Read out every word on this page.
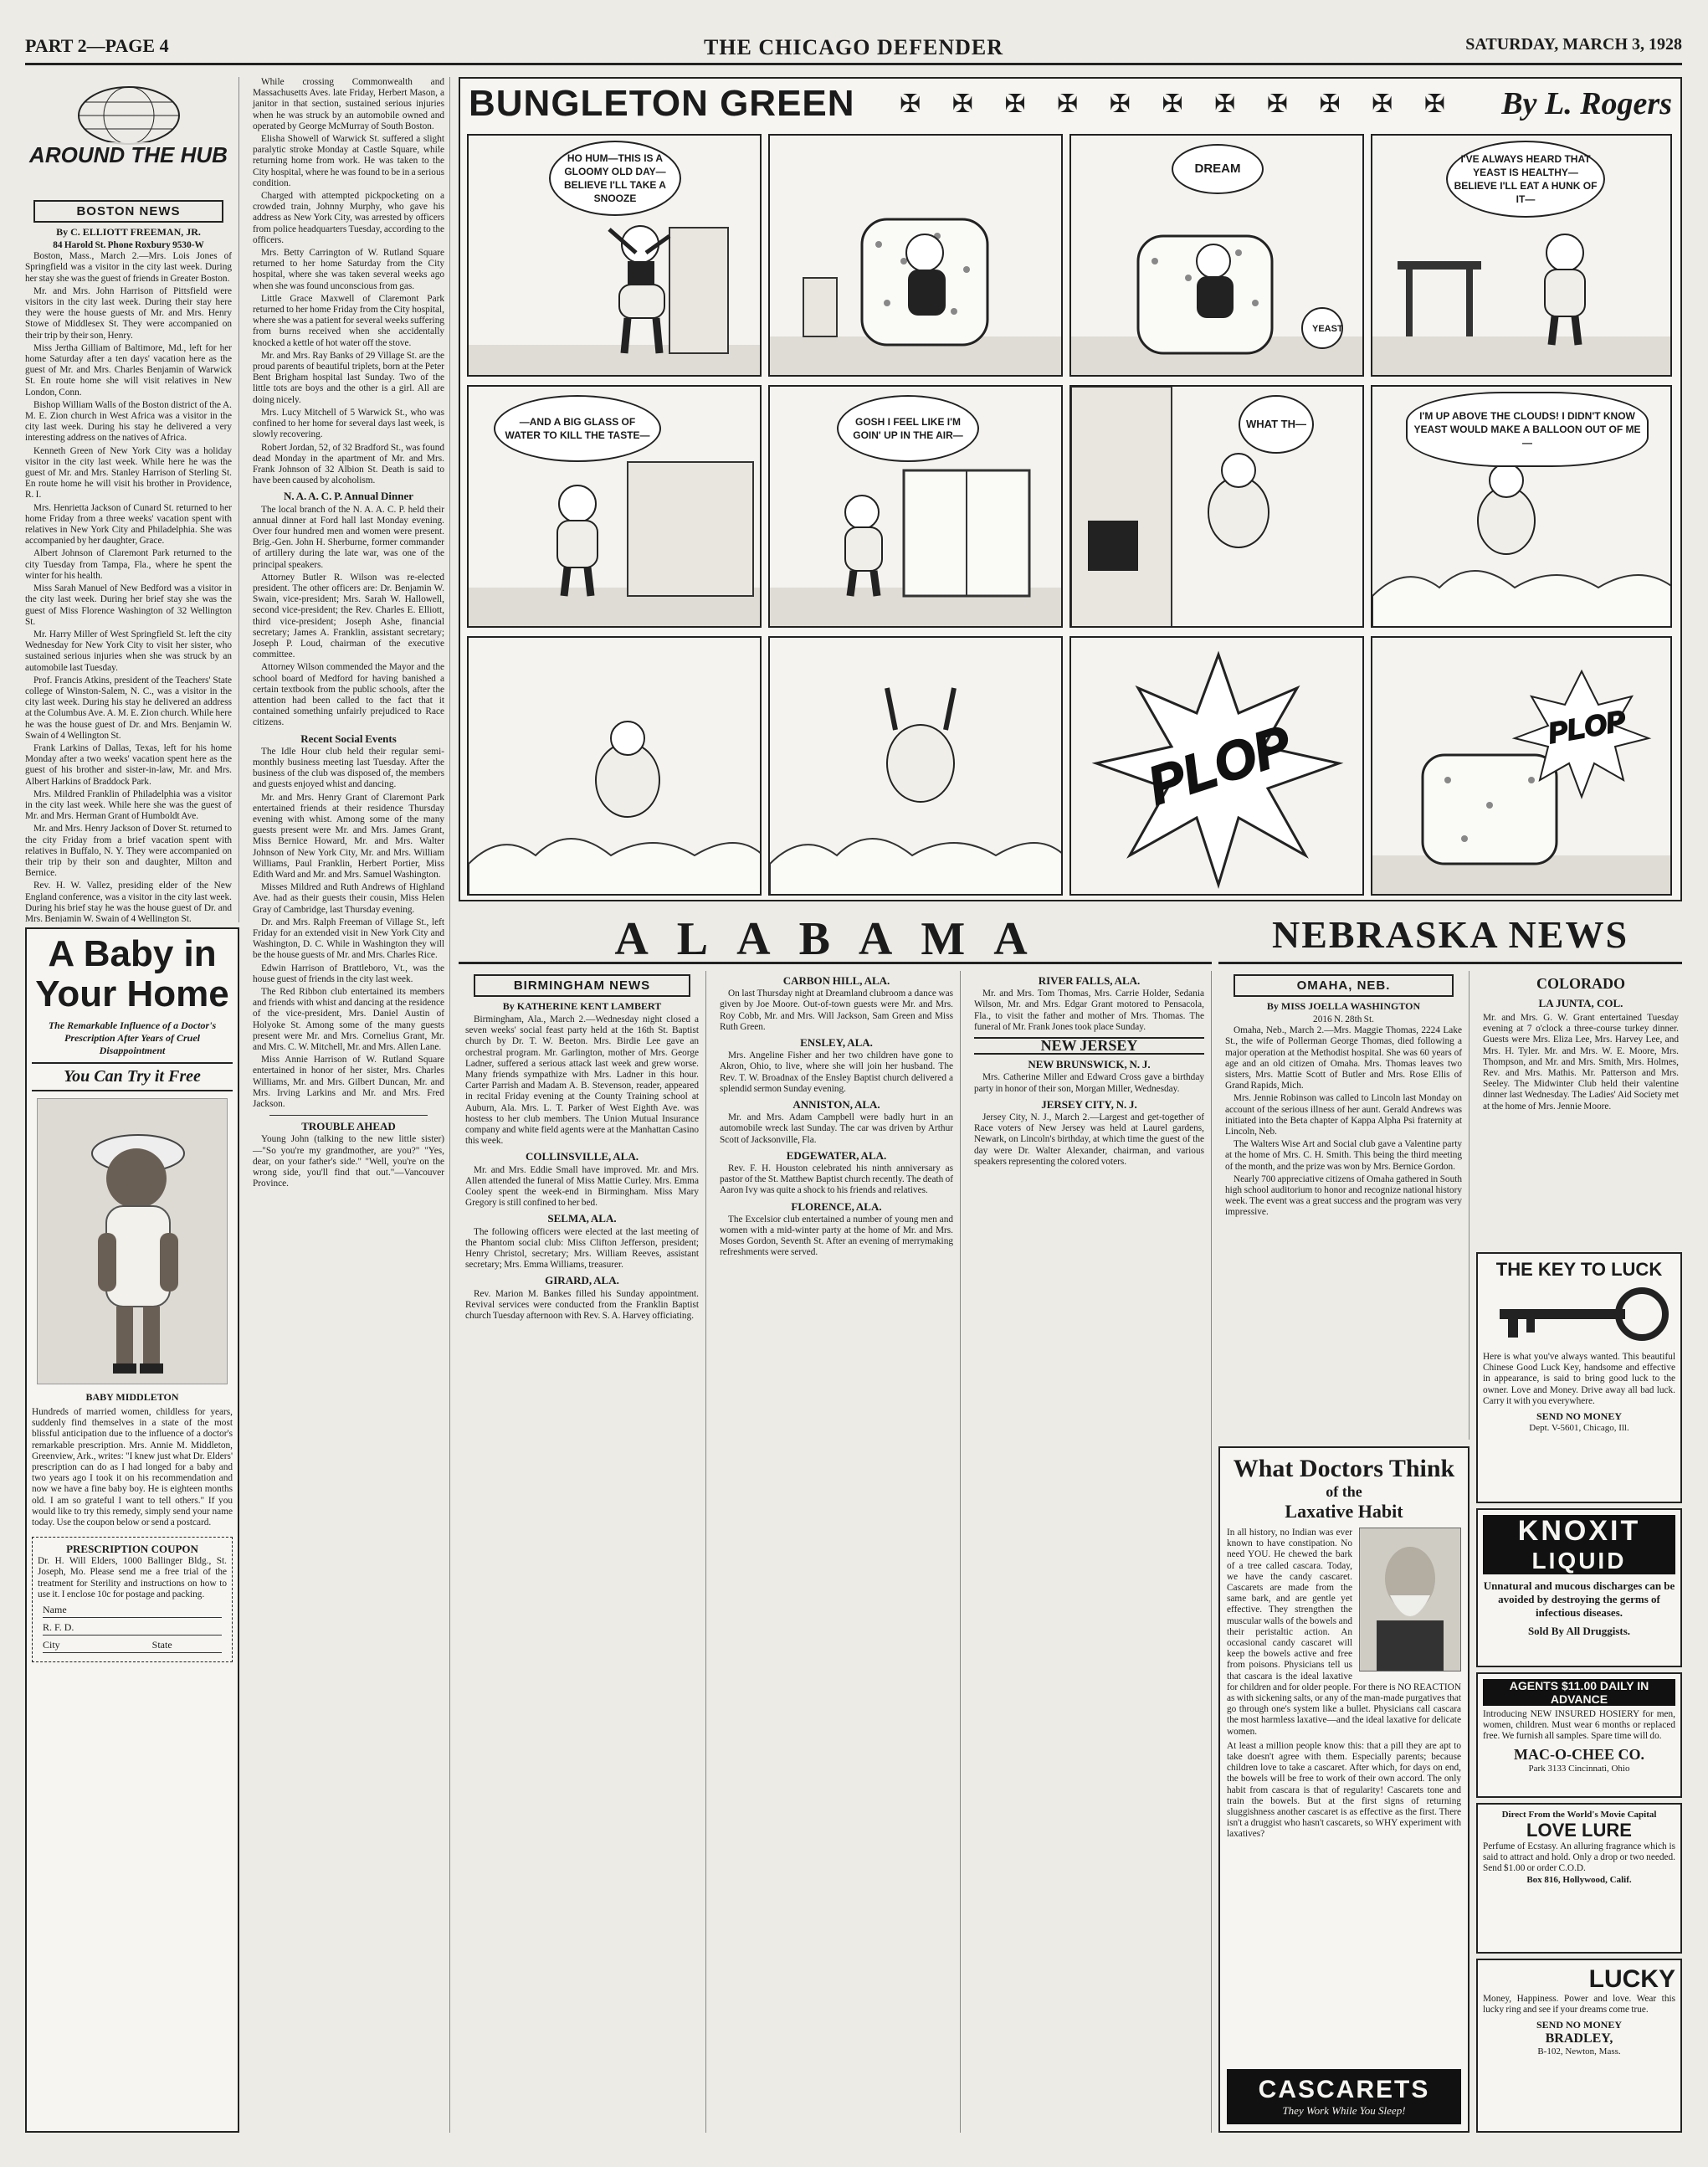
PART 2—PAGE 4	THE CHICAGO DEFENDER	SATURDAY, MARCH 3, 1928
AROUND THE HUB
BOSTON NEWS
By C. ELLIOTT FREEMAN, JR.
84 Harold St. Phone Roxbury 9530-W

Boston, Mass., March 2.—Mrs. Lois Jones of Springfield was a visitor in the city last week. During her stay she was the guest of friends in Greater Boston.

Mr. and Mrs. John Harrison of Pittsfield were visitors in the city last week. During their stay here they were the house guests of Mr. and Mrs. Henry Stowe of Middlesex St. They were accompanied on their trip by their son, Henry.

Miss Jertha Gilliam of Baltimore, Md., left for her home Saturday after a ten days' vacation here as the guest of Mr. and Mrs. Charles Benjamin of Warwick St. En route home she will visit relatives in New London, Conn.

Bishop William Walls of the Boston district of the A. M. E. Zion church in West Africa was a visitor in the city last week. During his stay he delivered a very interesting address on the natives of Africa.

Kenneth Green of New York City was a holiday visitor in the city last week. While here he was the guest of Mr. and Mrs. Stanley Harrison of Sterling St. En route home he will visit his brother in Providence, R. I.

Mrs. Henrietta Jackson of Cunard St. returned to her home Friday from a three weeks' vacation spent with relatives in New York City and Philadelphia. She was accompanied by her daughter, Grace.

Albert Johnson of Claremont Park returned to the city Tuesday from Tampa, Fla., where he spent the winter for his health.

Miss Sarah Manuel of New Bedford was a visitor in the city last week. During her brief stay she was the guest of Miss Florence Washington of 32 Wellington St.

Mr. Harry Miller of West Springfield St. left the city Wednesday for New York City to visit her sister, who sustained serious injuries when she was struck by an automobile last Tuesday.

Prof. Francis Atkins, president of the Teachers' State college of Winston-Salem, N. C., was a visitor in the city last week. During his stay he delivered an address at the Columbus Ave. A. M. E. Zion church. While here he was the house guest of Dr. and Mrs. Benjamin W. Swain of 4 Wellington St.

Frank Larkins of Dallas, Texas, left for his home Monday after a two weeks' vacation spent here as the guest of his brother and sister-in-law, Mr. and Mrs. Albert Harkins of Braddock Park.

Mrs. Mildred Franklin of Philadelphia was a visitor in the city last week. While here she was the guest of Mr. and Mrs. Herman Grant of Humboldt Ave.

Mr. and Mrs. Henry Jackson of Dover St. returned to the city Friday from a brief vacation spent with relatives in Buffalo, N. Y. They were accompanied on their trip by their son and daughter, Milton and Bernice.

Rev. H. W. Vallez, presiding elder of the New England conference, was a visitor in the city last week. During his brief stay he was the house guest of Dr. and Mrs. Benjamin W. Swain of 4 Wellington St.

A Baby in
Your Home
The Remarkable Influence of a Doctor's Prescription After Years of Cruel Disappointment
You Can Try it Free
BABY MIDDLETON
Hundreds of married women, childless for years, suddenly find themselves in a state of the most blissful anticipation due to the influence of a doctor's remarkable prescription. Mrs. Annie M. Middleton, Greenview, Ark., writes: "I knew just what Dr. Elders' prescription can do as I had longed for a baby and two years ago I took it on his recommendation and now we have a fine baby boy. He is eighteen months old. I am so grateful I want to tell others." If you would like to try this remedy, simply send your name today. Use the coupon below or send a postcard.
PRESCRIPTION COUPON
Dr. H. Will Elders, 1000 Ballinger Bldg., St. Joseph, Mo. Please send me a free trial of the treatment for Sterility and instructions on how to use it. I enclose 10c for postage and packing.
Name
R. F. D.
City	State

While crossing Commonwealth and Massachusetts Aves. late Friday, Herbert Mason, a janitor in that section, sustained serious injuries when he was struck by an automobile owned and operated by George McMurray of South Boston.

Elisha Showell of Warwick St. suffered a slight paralytic stroke Monday at Castle Square, while returning home from work. He was taken to the City hospital, where he was found to be in a serious condition.

Charged with attempted pickpocketing on a crowded train, Johnny Murphy, who gave his address as New York City, was arrested by officers from police headquarters Tuesday, according to the officers.

Mrs. Betty Carrington of W. Rutland Square returned to her home Saturday from the City hospital, where she was taken several weeks ago when she was found unconscious from gas.

Little Grace Maxwell of Claremont Park returned to her home Friday from the City hospital, where she was a patient for several weeks suffering from burns received when she accidentally knocked a kettle of hot water off the stove.

Mr. and Mrs. Ray Banks of 29 Village St. are the proud parents of beautiful triplets, born at the Peter Bent Brigham hospital last Sunday. Two of the little tots are boys and the other is a girl. All are doing nicely.

Mrs. Lucy Mitchell of 5 Warwick St., who was confined to her home for several days last week, is slowly recovering.

Robert Jordan, 52, of 32 Bradford St., was found dead Monday in the apartment of Mr. and Mrs. Frank Johnson of 32 Albion St. Death is said to have been caused by alcoholism.

N. A. A. C. P. Annual Dinner

The local branch of the N. A. A. C. P. held their annual dinner at Ford hall last Monday evening. Over four hundred men and women were present. Brig.-Gen. John H. Sherburne, former commander of artillery during the late war, was one of the principal speakers.

Attorney Butler R. Wilson was re-elected president. The other officers are: Dr. Benjamin W. Swain, vice-president; Mrs. Sarah W. Hallowell, second vice-president; the Rev. Charles E. Elliott, third vice-president; Joseph Ashe, financial secretary; James A. Franklin, assistant secretary; Joseph P. Loud, chairman of the executive committee.

Attorney Wilson commended the Mayor and the school board of Medford for having banished a certain textbook from the public schools, after the attention had been called to the fact that it contained something unfairly prejudiced to Race citizens.

Recent Social Events

The Idle Hour club held their regular semi-monthly business meeting last Tuesday. After the business of the club was disposed of, the members and guests enjoyed whist and dancing.

Mr. and Mrs. Henry Grant of Claremont Park entertained friends at their residence Thursday evening with whist. Among some of the many guests present were Mr. and Mrs. James Grant, Miss Bernice Howard, Mr. and Mrs. Walter Johnson of New York City, Mr. and Mrs. William Williams, Paul Franklin, Herbert Portier, Miss Edith Ward and Mr. and Mrs. Samuel Washington.

Misses Mildred and Ruth Andrews of Highland Ave. had as their guests their cousin, Miss Helen Gray of Cambridge, last Thursday evening.

Dr. and Mrs. Ralph Freeman of Village St., left Friday for an extended visit in New York City and Washington, D. C. While in Washington they will be the house guests of Mr. and Mrs. Charles Rice.

Edwin Harrison of Brattleboro, Vt., was the house guest of friends in the city last week.

The Red Ribbon club entertained its members and friends with whist and dancing at the residence of the vice-president, Mrs. Daniel Austin of Holyoke St. Among some of the many guests present were Mr. and Mrs. Cornelius Grant, Mr. and Mrs. C. W. Mitchell, Mr. and Mrs. Allen Lane.

Miss Annie Harrison of W. Rutland Square entertained in honor of her sister, Mrs. Charles Williams, Mr. and Mrs. Gilbert Duncan, Mr. and Mrs. Irving Larkins and Mr. and Mrs. Fred Jackson.

TROUBLE AHEAD

Young John (talking to the new little sister)—"So you're my grandmother, are you?" "Yes, dear, on your father's side." "Well, you're on the wrong side, you'll find that out."—Vancouver Province.

BUNGLETON GREEN ✠ ✠ ✠ ✠ ✠ ✠ ✠ ✠ ✠ ✠ ✠ By L. Rogers
HO HUM—THIS IS A GLOOMY OLD DAY—BELIEVE I'LL TAKE A SNOOZE
DREAM
YEAST
I'VE ALWAYS HEARD THAT YEAST IS HEALTHY—BELIEVE I'LL EAT A HUNK OF IT—
—AND A BIG GLASS OF WATER TO KILL THE TASTE—
GOSH I FEEL LIKE I'M GOIN' UP IN THE AIR—
WHAT TH—
I'M UP ABOVE THE CLOUDS! I DIDN'T KNOW YEAST WOULD MAKE A BALLOON OUT OF ME—
PLOP	PLOP
ALABAMA
BIRMINGHAM NEWS
By KATHERINE KENT LAMBERT

Birmingham, Ala., March 2.—Wednesday night closed a seven weeks' social feast party held at the 16th St. Baptist church by Dr. T. W. Beeton. Mrs. Birdie Lee gave an orchestral program. Mr. Garlington, mother of Mrs. George Ladner, suffered a serious attack last week and grew worse. Many friends sympathize with Mrs. Ladner in this hour. Carter Parrish and Madam A. B. Stevenson, reader, appeared in recital Friday evening at the County Training school at Auburn, Ala. Mrs. L. T. Parker of West Eighth Ave. was hostess to her club members. The Union Mutual Insurance company and white field agents were at the Manhattan Casino this week.

COLLINSVILLE, ALA.

Mr. and Mrs. Eddie Small have improved. Mr. and Mrs. Allen attended the funeral of Miss Mattie Curley. Mrs. Emma Cooley spent the week-end in Birmingham. Miss Mary Gregory is still confined to her bed.

SELMA, ALA.

The following officers were elected at the last meeting of the Phantom social club: Miss Clifton Jefferson, president; Henry Christol, secretary; Mrs. William Reeves, assistant secretary; Mrs. Emma Williams, treasurer.

GIRARD, ALA.

Rev. Marion M. Bankes filled his Sunday appointment. Revival services were conducted from the Franklin Baptist church Tuesday afternoon with Rev. S. A. Harvey officiating.

CARBON HILL, ALA.

On last Thursday night at Dreamland clubroom a dance was given by Joe Moore. Out-of-town guests were Mr. and Mrs. Roy Cobb, Mr. and Mrs. Will Jackson, Sam Green and Miss Ruth Green.

ENSLEY, ALA.

Mrs. Angeline Fisher and her two children have gone to Akron, Ohio, to live, where she will join her husband. The Rev. T. W. Broadnax of the Ensley Baptist church delivered a splendid sermon Sunday evening.

ANNISTON, ALA.

Mr. and Mrs. Adam Campbell were badly hurt in an automobile wreck last Sunday. The car was driven by Arthur Scott of Jacksonville, Fla.

EDGEWATER, ALA.

Rev. F. H. Houston celebrated his ninth anniversary as pastor of the St. Matthew Baptist church recently. The death of Aaron Ivy was quite a shock to his friends and relatives.

FLORENCE, ALA.

The Excelsior club entertained a number of young men and women with a mid-winter party at the home of Mr. and Mrs. Moses Gordon, Seventh St. After an evening of merrymaking refreshments were served.

RIVER FALLS, ALA.

Mr. and Mrs. Tom Thomas, Mrs. Carrie Holder, Sedania Wilson, Mr. and Mrs. Edgar Grant motored to Pensacola, Fla., to visit the father and mother of Mrs. Thomas. The funeral of Mr. Frank Jones took place Sunday.

NEW JERSEY
NEW BRUNSWICK, N. J.

Mrs. Catherine Miller and Edward Cross gave a birthday party in honor of their son, Morgan Miller, Wednesday.

JERSEY CITY, N. J.

Jersey City, N. J., March 2.—Largest and get-together of Race voters of New Jersey was held at Laurel gardens, Newark, on Lincoln's birthday, at which time the guest of the day were Dr. Walter Alexander, chairman, and various speakers representing the colored voters.

NEBRASKA NEWS
OMAHA, NEB.
By MISS JOELLA WASHINGTON
2016 N. 28th St.

Omaha, Neb., March 2.—Mrs. Maggie Thomas, 2224 Lake St., the wife of Pollerman George Thomas, died following a major operation at the Methodist hospital. She was 60 years of age and an old citizen of Omaha. Mrs. Thomas leaves two sisters, Mrs. Mattie Scott of Butler and Mrs. Rose Ellis of Grand Rapids, Mich.

Mrs. Jennie Robinson was called to Lincoln last Monday on account of the serious illness of her aunt. Gerald Andrews was initiated into the Beta chapter of Kappa Alpha Psi fraternity at Lincoln, Neb.

The Walters Wise Art and Social club gave a Valentine party at the home of Mrs. C. H. Smith. This being the third meeting of the month, and the prize was won by Mrs. Bernice Gordon.

Nearly 700 appreciative citizens of Omaha gathered in South high school auditorium to honor and recognize national history week. The event was a great success and the program was very impressive.

COLORADO
LA JUNTA, COL.
Mr. and Mrs. G. W. Grant entertained Tuesday evening at 7 o'clock a three-course turkey dinner. Guests were Mrs. Eliza Lee, Mrs. Harvey Lee, and Mrs. H. Tyler. Mr. and Mrs. W. E. Moore, Mrs. Thompson, and Mr. and Mrs. Smith, Mrs. Holmes, Rev. and Mrs. Mathis. Mr. Patterson and Mrs. Seeley. The Midwinter Club held their valentine dinner last Wednesday. The Ladies' Aid Society met at the home of Mrs. Jennie Moore.
THE KEY TO LUCK
Here is what you've always wanted. This beautiful Chinese Good Luck Key, handsome and effective in appearance, is said to bring good luck to the owner. Love and Money. Drive away all bad luck. Carry it with you everywhere.
SEND NO MONEY
Dept. V-5601, Chicago, Ill.
KNOXIT
LIQUID
Unnatural and mucous discharges can be avoided by destroying the germs of infectious diseases.
Sold By All Druggists.
AGENTS $11.00 DAILY IN ADVANCE
Introducing NEW INSURED HOSIERY for men, women, children. Must wear 6 months or replaced free. We furnish all samples. Spare time will do.
MAC-O-CHEE CO.
Park 3133 Cincinnati, Ohio
Direct From the World's Movie Capital
LOVE LURE
Perfume of Ecstasy. An alluring fragrance which is said to attract and hold. Only a drop or two needed. Send $1.00 or order C.O.D.
Box 816, Hollywood, Calif.
LUCKY
Money, Happiness. Power and love. Wear this lucky ring and see if your dreams come true.
SEND NO MONEY
BRADLEY,
B-102, Newton, Mass.
What Doctors Think
of the
Laxative Habit
In all history, no Indian was ever known to have constipation. No need YOU. He chewed the bark of a tree called cascara. Today, we have the candy cascaret. Cascarets are made from the same bark, and are gentle yet effective. They strengthen the muscular walls of the bowels and their peristaltic action. An occasional candy cascaret will keep the bowels active and free from poisons. Physicians tell us that cascara is the ideal laxative for children and for older people. For there is NO REACTION as with sickening salts, or any of the man-made purgatives that go through one's system like a bullet. Physicians call cascara the most harmless laxative—and the ideal laxative for delicate women.
At least a million people know this: that a pill they are apt to take doesn't agree with them. Especially parents; because children love to take a cascaret. After which, for days on end, the bowels will be free to work of their own accord. The only habit from cascara is that of regularity! Cascarets tone and train the bowels. But at the first signs of returning sluggishness another cascaret is as effective as the first. There isn't a druggist who hasn't cascarets, so WHY experiment with laxatives?
CASCARETS
They Work While You Sleep!
